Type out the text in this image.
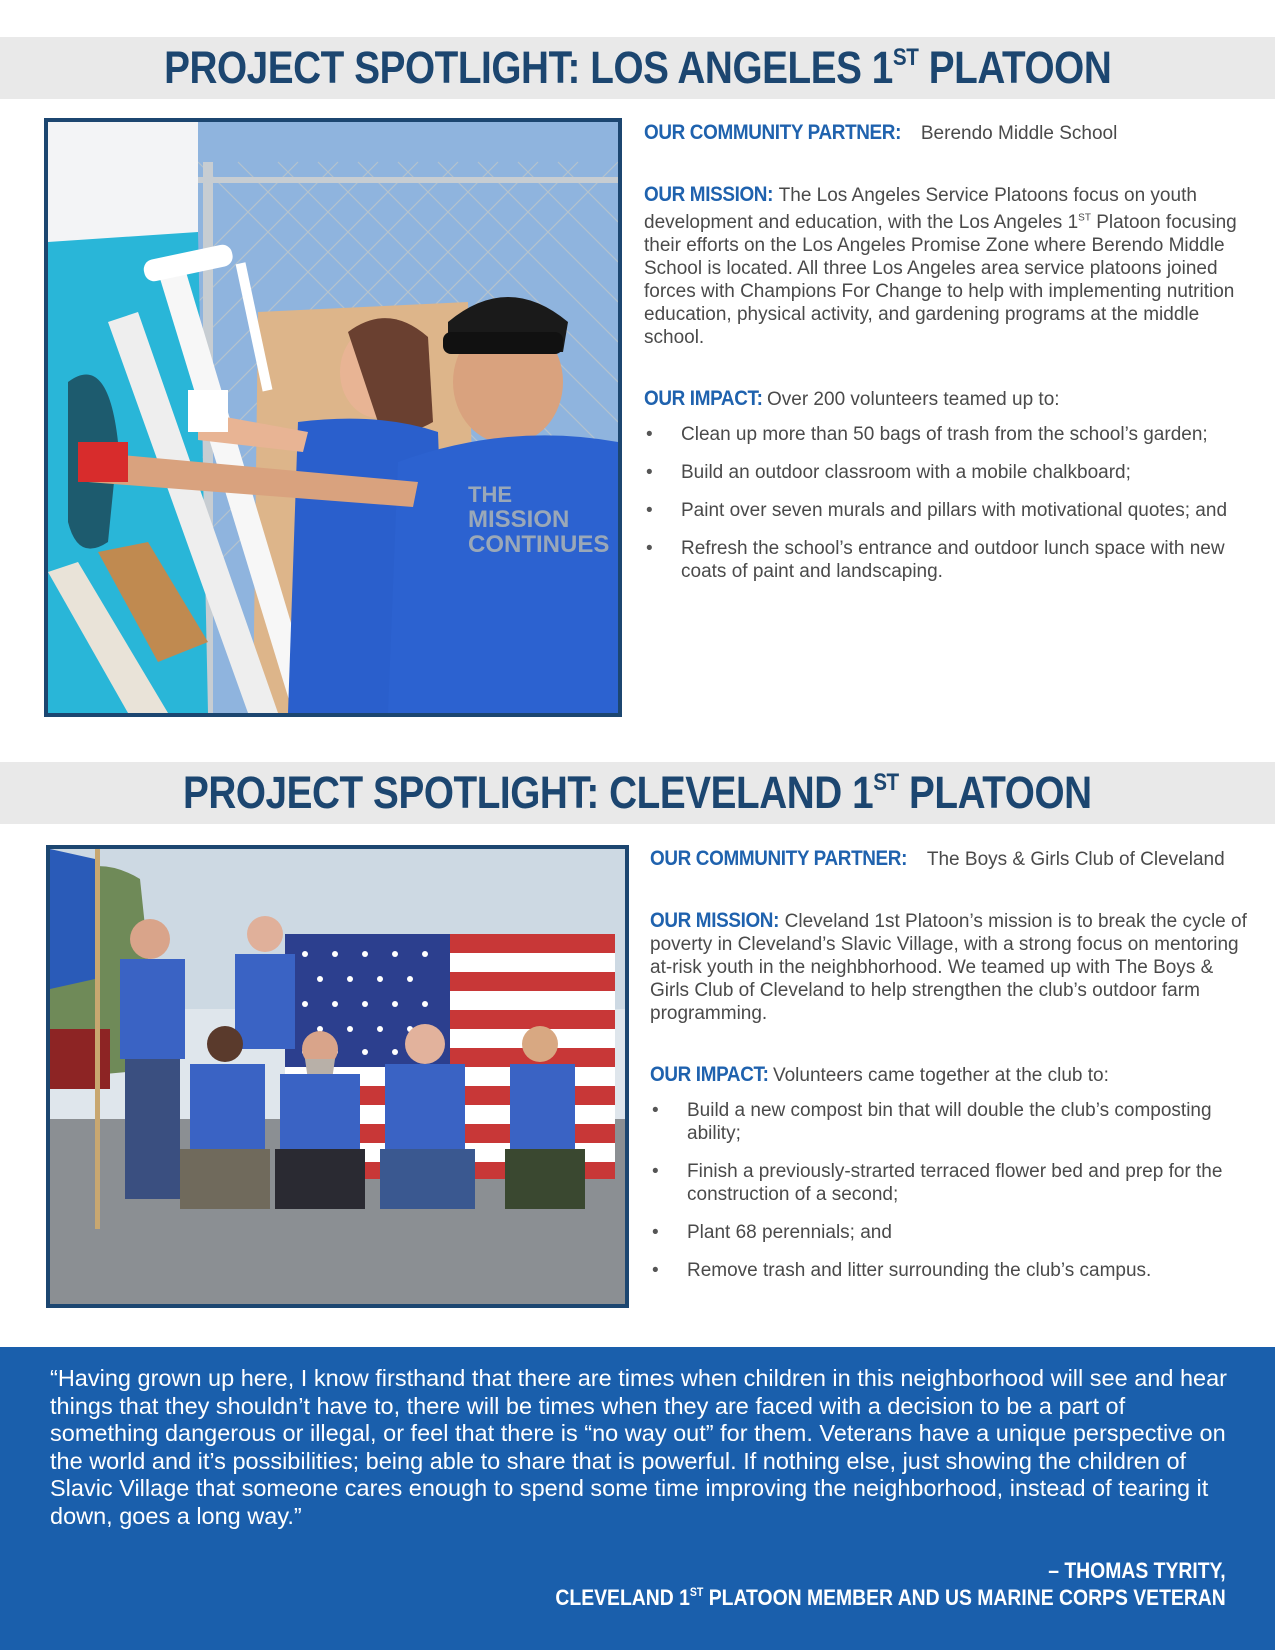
PROJECT SPOTLIGHT: LOS ANGELES 1ST PLATOON
THE
MISSION
CONTINUES
OUR COMMUNITY PARTNER: Berendo Middle School
OUR MISSION: The Los Angeles Service Platoons focus on youth development and education, with the Los Angeles 1ST Platoon focusing their efforts on the Los Angeles Promise Zone where Berendo Middle School is located. All three Los Angeles area service platoons joined forces with Champions For Change to help with implementing nutrition education, physical activity, and gardening programs at the middle school.
OUR IMPACT: Over 200 volunteers teamed up to:
• Clean up more than 50 bags of trash from the school’s garden;
• Build an outdoor classroom with a mobile chalkboard;
• Paint over seven murals and pillars with motivational quotes; and
• Refresh the school’s entrance and outdoor lunch space with new coats of paint and landscaping.
PROJECT SPOTLIGHT: CLEVELAND 1ST PLATOON
OUR COMMUNITY PARTNER: The Boys & Girls Club of Cleveland
OUR MISSION: Cleveland 1st Platoon’s mission is to break the cycle of poverty in Cleveland’s Slavic Village, with a strong focus on mentoring at-risk youth in the neighbhorhood. We teamed up with The Boys & Girls Club of Cleveland to help strengthen the club’s outdoor farm programming.
OUR IMPACT: Volunteers came together at the club to:
• Build a new compost bin that will double the club’s composting ability;
• Finish a previously-strarted terraced flower bed and prep for the construction of a second;
• Plant 68 perennials; and
• Remove trash and litter surrounding the club’s campus.

“Having grown up here, I know firsthand that there are times when children in this neighborhood will see and hear things that they shouldn’t have to, there will be times when they are faced with a decision to be a part of something dangerous or illegal, or feel that there is “no way out” for them. Veterans have a unique perspective on the world and it’s possibilities; being able to share that is powerful. If nothing else, just showing the children of Slavic Village that someone cares enough to spend some time improving the neighborhood, instead of tearing it down, goes a long way.”

– THOMAS TYRITY,
CLEVELAND 1ST PLATOON MEMBER AND US MARINE CORPS VETERAN
